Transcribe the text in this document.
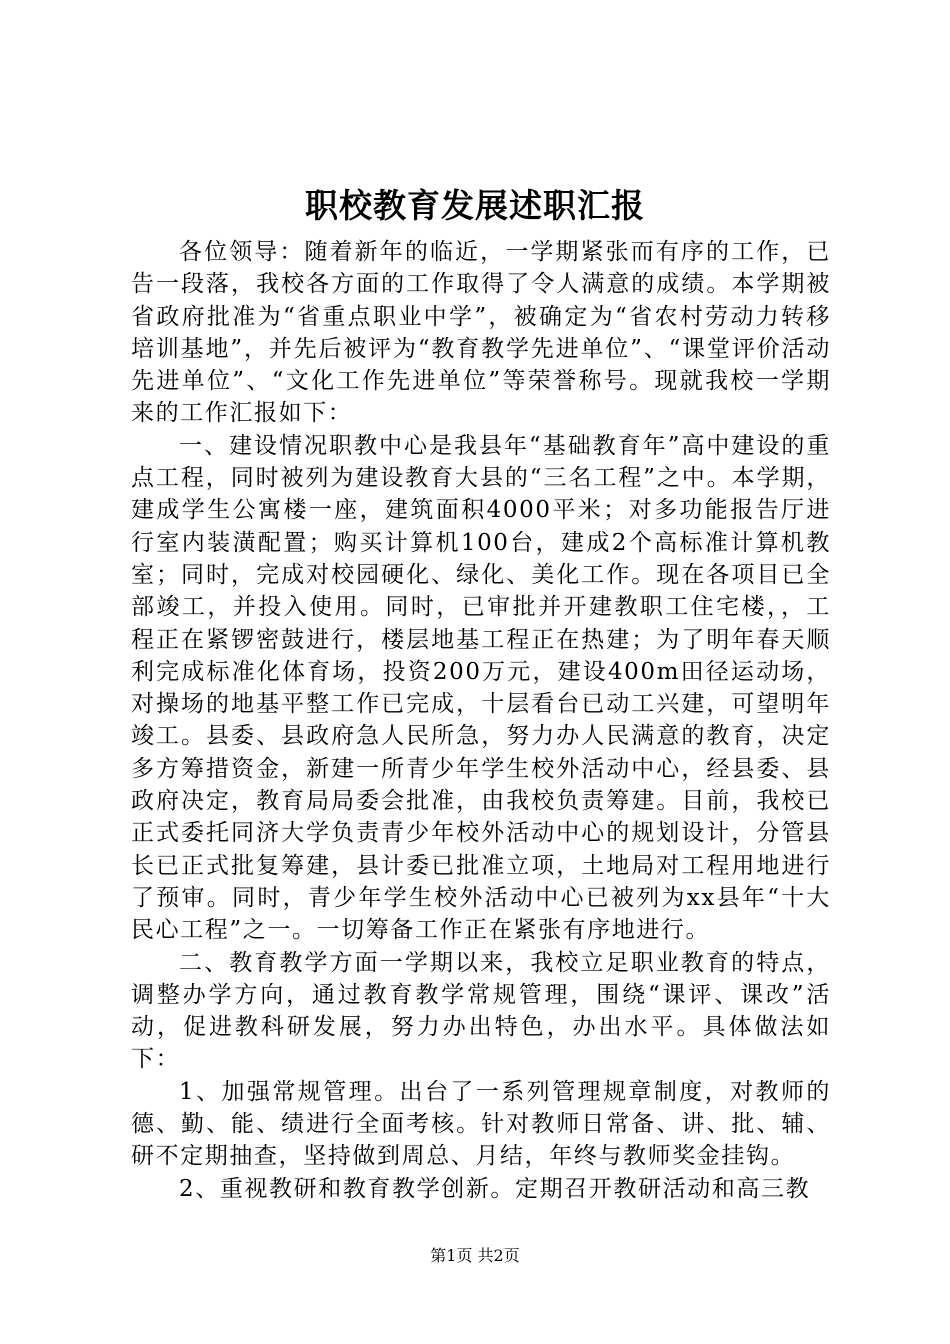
职校教育发展述职汇报

各位领导：随着新年的临近，一学期紧张而有序的工作，已告一段落，我校各方面的工作取得了令人满意的成绩。本学期被省政府批准为“省重点职业中学”，被确定为“省农村劳动力转移培训基地”，并先后被评为“教育教学先进单位”、“课堂评价活动先进单位”、“文化工作先进单位”等荣誉称号。现就我校一学期来的工作汇报如下：

一、建设情况职教中心是我县年“基础教育年”高中建设的重点工程，同时被列为建设教育大县的“三名工程”之中。本学期，建成学生公寓楼一座，建筑面积4000平米；对多功能报告厅进行室内装潢配置；购买计算机100台，建成2个高标准计算机教室；同时，完成对校园硬化、绿化、美化工作。现在各项目已全部竣工，并投入使用。同时，已审批并开建教职工住宅楼，，工程正在紧锣密鼓进行，楼层地基工程正在热建；为了明年春天顺利完成标准化体育场，投资200万元，建设400m田径运动场，对操场的地基平整工作已完成，十层看台已动工兴建，可望明年竣工。县委、县政府急人民所急，努力办人民满意的教育，决定多方筹措资金，新建一所青少年学生校外活动中心，经县委、县政府决定，教育局局委会批准，由我校负责筹建。目前，我校已正式委托同济大学负责青少年校外活动中心的规划设计，分管县长已正式批复筹建，县计委已批准立项，土地局对工程用地进行了预审。同时，青少年学生校外活动中心已被列为xx县年“十大民心工程”之一。一切筹备工作正在紧张有序地进行。

二、教育教学方面一学期以来，我校立足职业教育的特点，调整办学方向，通过教育教学常规管理，围绕“课评、课改”活动，促进教科研发展，努力办出特色，办出水平。具体做法如下：

1、加强常规管理。出台了一系列管理规章制度，对教师的德、勤、能、绩进行全面考核。针对教师日常备、讲、批、辅、研不定期抽查，坚持做到周总、月结，年终与教师奖金挂钩。

2、重视教研和教育教学创新。定期召开教研活动和高三教

第1页 共2页
